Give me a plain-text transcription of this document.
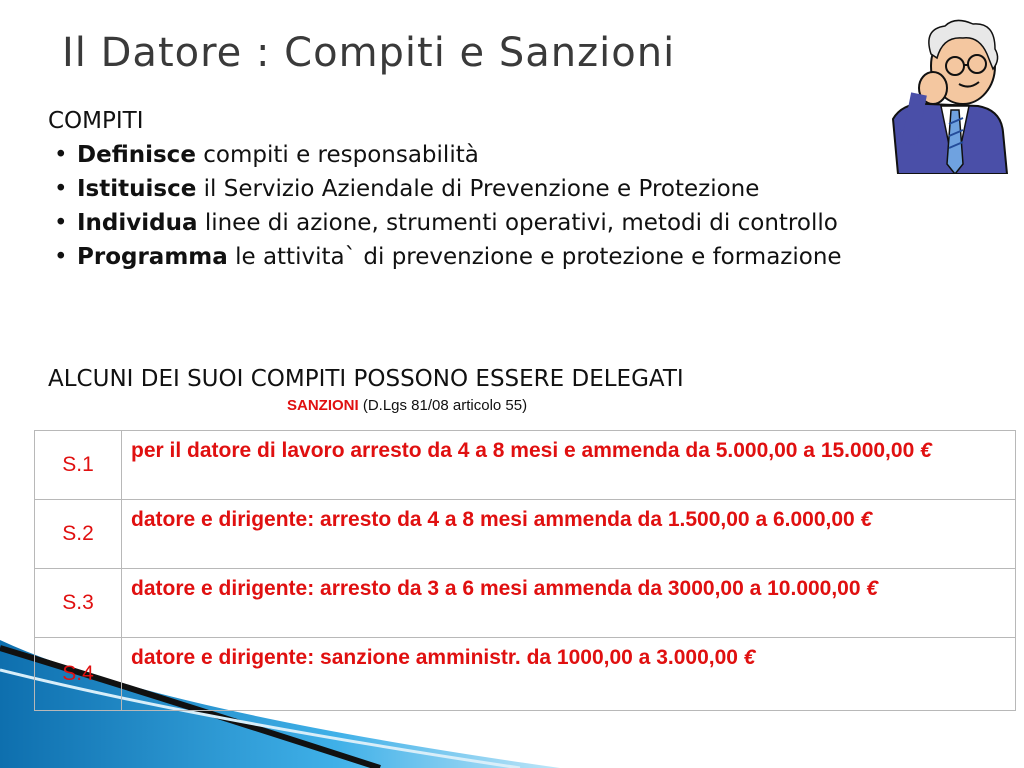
Il Datore : Compiti e Sanzioni
COMPITI
• Definisce compiti e responsabilità
• Istituisce il Servizio Aziendale di Prevenzione e Protezione
• Individua linee di azione, strumenti operativi, metodi di controllo
• Programma le attivita` di prevenzione e protezione e formazione
ALCUNI DEI SUOI COMPITI POSSONO ESSERE DELEGATI
SANZIONI (D.Lgs 81/08 articolo 55)
S.1	per il datore di lavoro arresto da 4 a 8 mesi e ammenda da 5.000,00 a 15.000,00 €
S.2	datore e dirigente: arresto da 4 a 8 mesi ammenda da 1.500,00 a 6.000,00 €
S.3	datore e dirigente: arresto da 3 a 6 mesi ammenda da 3000,00 a 10.000,00 €
S.4	datore e dirigente: sanzione amministr. da 1000,00 a 3.000,00 €
